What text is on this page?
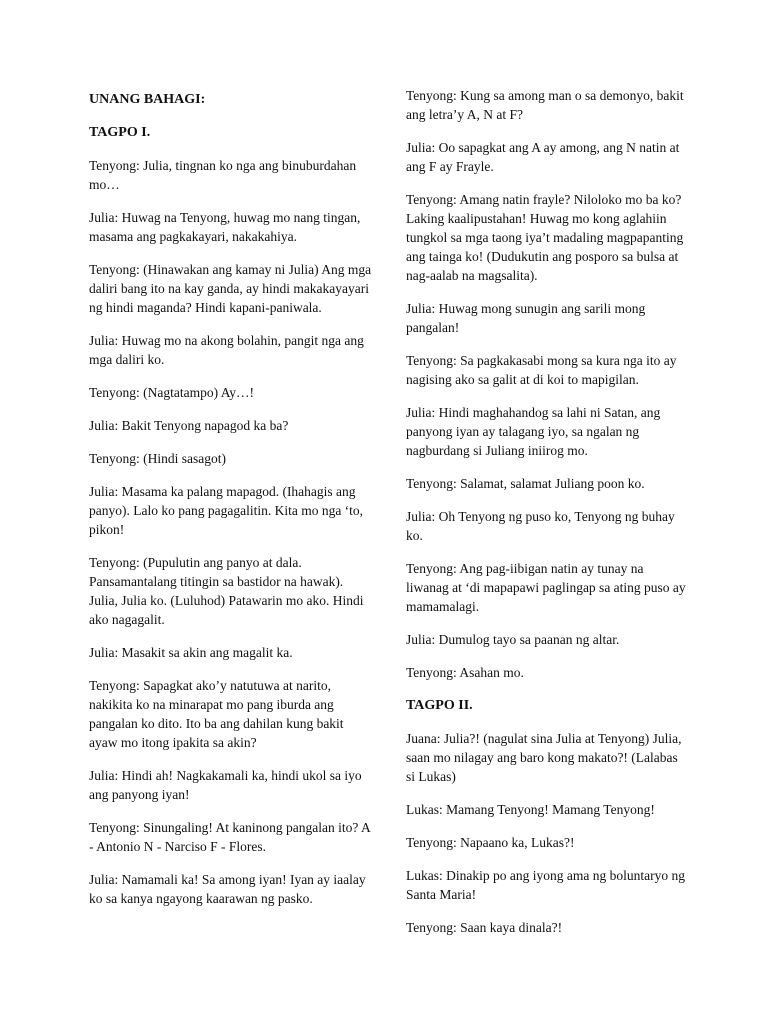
UNANG BAHAGI:
TAGPO I.

Tenyong: Julia, tingnan ko nga ang binuburdahan mo…

Julia: Huwag na Tenyong, huwag mo nang tingan, masama ang pagkakayari, nakakahiya.

Tenyong: (Hinawakan ang kamay ni Julia) Ang mga daliri bang ito na kay ganda, ay hindi makakayayari ng hindi maganda? Hindi kapani-paniwala.

Julia: Huwag mo na akong bolahin, pangit nga ang mga daliri ko.

Tenyong: (Nagtatampo) Ay…!

Julia: Bakit Tenyong napagod ka ba?

Tenyong: (Hindi sasagot)

Julia: Masama ka palang mapagod. (Ihahagis ang panyo). Lalo ko pang pagagalitin. Kita mo nga ‘to, pikon!

Tenyong: (Pupulutin ang panyo at dala. Pansamantalang titingin sa bastidor na hawak). Julia, Julia ko. (Luluhod) Patawarin mo ako. Hindi ako nagagalit.

Julia: Masakit sa akin ang magalit ka.

Tenyong: Sapagkat ako’y natutuwa at narito, nakikita ko na minarapat mo pang iburda ang pangalan ko dito. Ito ba ang dahilan kung bakit ayaw mo itong ipakita sa akin?

Julia: Hindi ah! Nagkakamali ka, hindi ukol sa iyo ang panyong iyan!

Tenyong: Sinungaling! At kaninong pangalan ito? A - Antonio N - Narciso F - Flores.

Julia: Namamali ka! Sa among iyan! Iyan ay iaalay ko sa kanya ngayong kaarawan ng pasko.

Tenyong: Kung sa among man o sa demonyo, bakit ang letra’y A, N at F?

Julia: Oo sapagkat ang A ay among, ang N natin at ang F ay Frayle.

Tenyong: Amang natin frayle? Niloloko mo ba ko? Laking kaalipustahan! Huwag mo kong aglahiin tungkol sa mga taong iya’t madaling magpapanting ang tainga ko! (Dudukutin ang posporo sa bulsa at nag-aalab na magsalita).

Julia: Huwag mong sunugin ang sarili mong pangalan!

Tenyong: Sa pagkakasabi mong sa kura nga ito ay nagising ako sa galit at di koi to mapigilan.

Julia: Hindi maghahandog sa lahi ni Satan, ang panyong iyan ay talagang iyo, sa ngalan ng nagburdang si Juliang iniirog mo.

Tenyong: Salamat, salamat Juliang poon ko.

Julia: Oh Tenyong ng puso ko, Tenyong ng buhay ko.

Tenyong: Ang pag-iibigan natin ay tunay na liwanag at ‘di mapapawi paglingap sa ating puso ay mamamalagi.

Julia: Dumulog tayo sa paanan ng altar.

Tenyong: Asahan mo.

TAGPO II.

Juana: Julia?! (nagulat sina Julia at Tenyong) Julia, saan mo nilagay ang baro kong makato?! (Lalabas si Lukas)

Lukas: Mamang Tenyong! Mamang Tenyong!

Tenyong: Napaano ka, Lukas?!

Lukas: Dinakip po ang iyong ama ng boluntaryo ng Santa Maria!

Tenyong: Saan kaya dinala?!
